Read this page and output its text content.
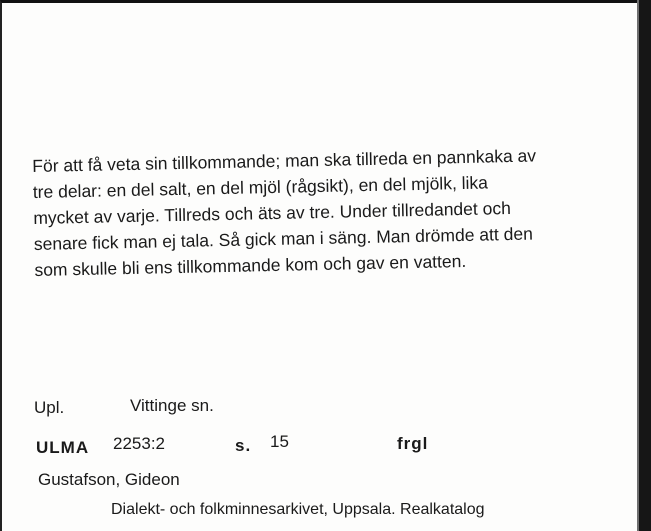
För att få veta sin tillkommande; man ska tillreda en pannkaka av
tre delar: en del salt, en del mjöl (rågsikt), en del mjölk, lika
mycket av varje. Tillreds och äts av tre. Under tillredandet och
senare fick man ej tala. Så gick man i säng. Man drömde att den
som skulle bli ens tillkommande kom och gav en vatten.
Upl.	Vittinge sn.
ULMA 2253:2	s. 15	frgl
Gustafson, Gideon
Dialekt- och folkminnesarkivet, Uppsala. Realkatalog
